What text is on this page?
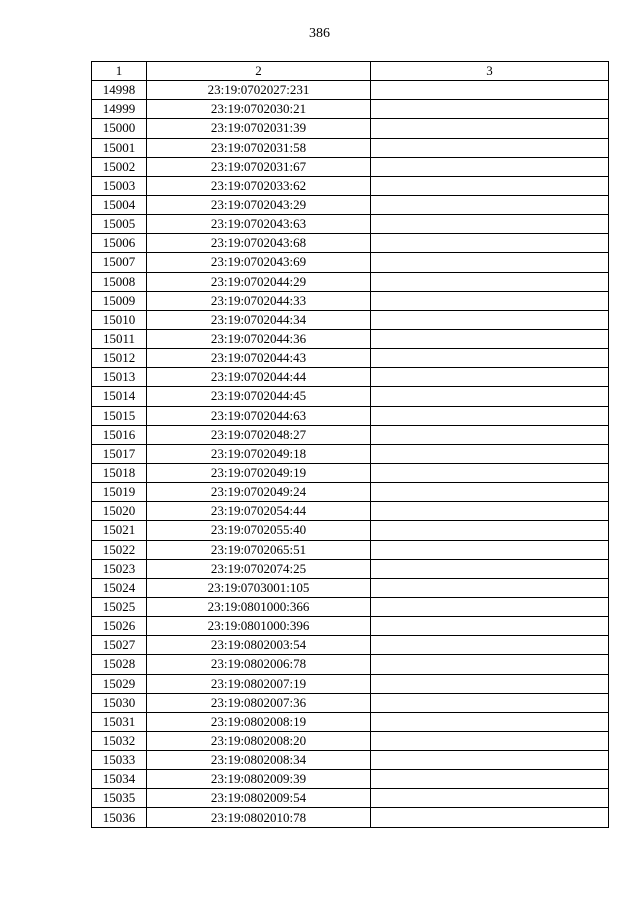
386
1	2	3
14998	23:19:0702027:231	
14999	23:19:0702030:21	
15000	23:19:0702031:39	
15001	23:19:0702031:58	
15002	23:19:0702031:67	
15003	23:19:0702033:62	
15004	23:19:0702043:29	
15005	23:19:0702043:63	
15006	23:19:0702043:68	
15007	23:19:0702043:69	
15008	23:19:0702044:29	
15009	23:19:0702044:33	
15010	23:19:0702044:34	
15011	23:19:0702044:36	
15012	23:19:0702044:43	
15013	23:19:0702044:44	
15014	23:19:0702044:45	
15015	23:19:0702044:63	
15016	23:19:0702048:27	
15017	23:19:0702049:18	
15018	23:19:0702049:19	
15019	23:19:0702049:24	
15020	23:19:0702054:44	
15021	23:19:0702055:40	
15022	23:19:0702065:51	
15023	23:19:0702074:25	
15024	23:19:0703001:105	
15025	23:19:0801000:366	
15026	23:19:0801000:396	
15027	23:19:0802003:54	
15028	23:19:0802006:78	
15029	23:19:0802007:19	
15030	23:19:0802007:36	
15031	23:19:0802008:19	
15032	23:19:0802008:20	
15033	23:19:0802008:34	
15034	23:19:0802009:39	
15035	23:19:0802009:54	
15036	23:19:0802010:78	
